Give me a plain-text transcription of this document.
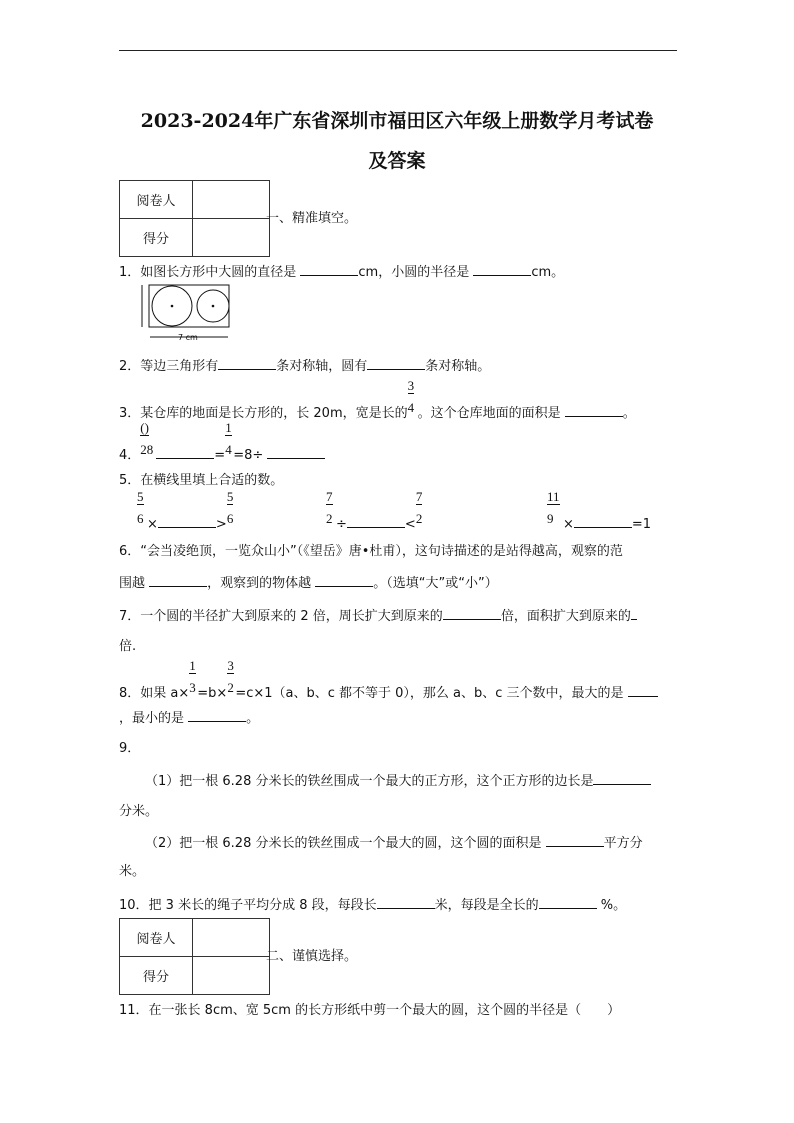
2023-2024年广东省深圳市福田区六年级上册数学月考试卷
及答案
阅卷人	
得分	
一、精准填空。
1．如图长方形中大圆的直径是	cm，小圆的半径是	cm。
7 cm
2．等边三角形有	条对称轴，圆有	条对称轴。
3．某仓库的地面是长方形的，长 20m，宽是长的 $\frac{3}{4}$ 。这个仓库地面的面积是	。
4． $\frac{()}{28}$	= $\frac{1}{4} =8\div$
5．在横线里填上合适的数。
$\frac{5}{6}$ ×	> $\frac{5}{6}$	$\frac{7}{2}$ ÷	< $\frac{7}{2}$	$\frac{11}{9}$ ×	=1
6．“会当凌绝顶，一览众山小”（《望岳》唐•杜甫），这句诗描述的是站得越高，观察的范
围越	，观察到的物体越	。（选填“大”或“小”）
7．一个圆的半径扩大到原来的 2 倍，周长扩大到原来的	倍，面积扩大到原来的
倍.
8．如果 $a\times \frac{1}{3} =b\times \frac{3}{2} =c\times 1(a$、b、c 都不等于 0），那么 a、b、c 三个数中，最大的是
，最小的是	。
9．
（1）把一根 6.28 分米长的铁丝围成一个最大的正方形，这个正方形的边长是
分米。
（2）把一根 6.28 分米长的铁丝围成一个最大的圆，这个圆的面积是	平方分
米。
10．把 3 米长的绳子平均分成 8 段，每段长	米，每段是全长的	%。
阅卷人	
得分	
二、谨慎选择。
11．在一张长 8cm、宽 5cm 的长方形纸中剪一个最大的圆，这个圆的半径是（　　）
